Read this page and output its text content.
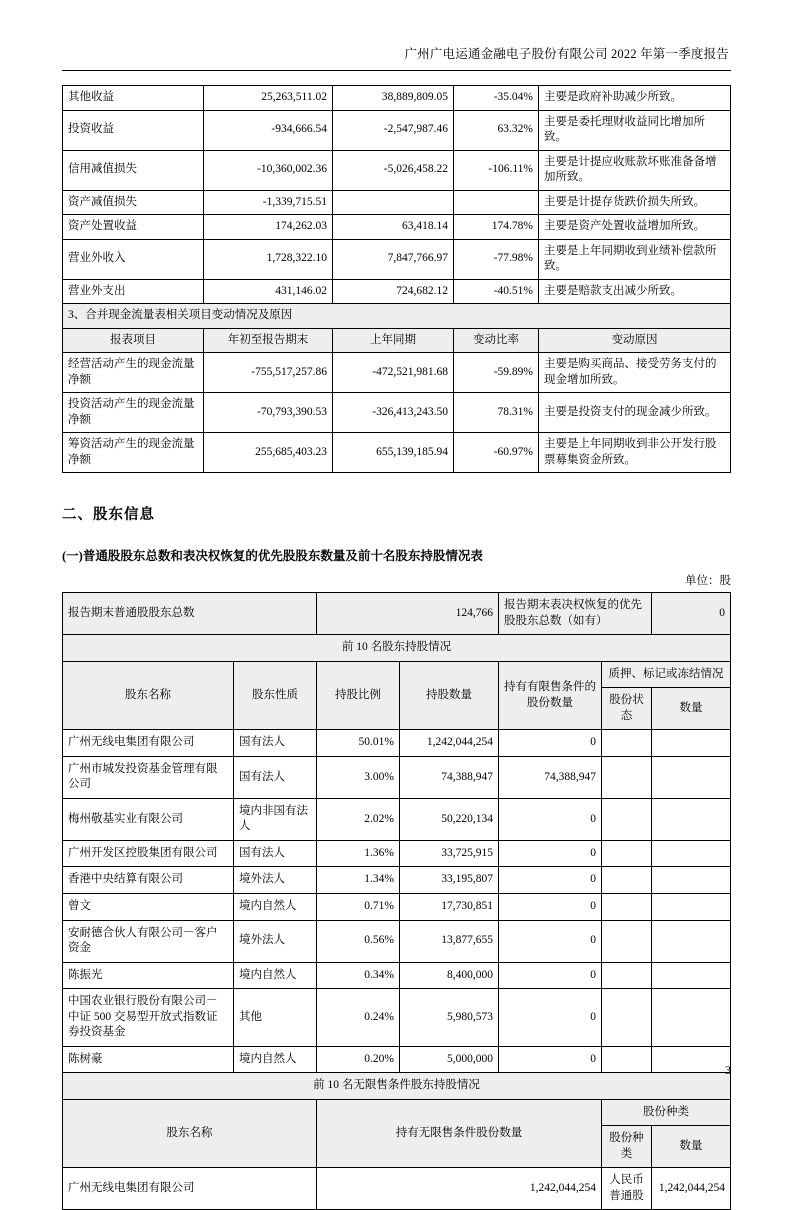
广州广电运通金融电子股份有限公司 2022 年第一季度报告
其他收益	25,263,511.02	38,889,809.05	-35.04%	主要是政府补助减少所致。
投资收益	-934,666.54	-2,547,987.46	63.32%	主要是委托理财收益同比增加所致。
信用减值损失	-10,360,002.36	-5,026,458.22	-106.11%	主要是计提应收账款坏账准备备增加所致。
资产减值损失	-1,339,715.51			主要是计提存货跌价损失所致。
资产处置收益	174,262.03	63,418.14	174.78%	主要是资产处置收益增加所致。
营业外收入	1,728,322.10	7,847,766.97	-77.98%	主要是上年同期收到业绩补偿款所致。
营业外支出	431,146.02	724,682.12	-40.51%	主要是赔款支出减少所致。
3、合并现金流量表相关项目变动情况及原因				
报表项目	年初至报告期末	上年同期	变动比率	变动原因
经营活动产生的现金流量净额	-755,517,257.86	-472,521,981.68	-59.89%	主要是购买商品、接受劳务支付的现金增加所致。
投资活动产生的现金流量净额	-70,793,390.53	-326,413,243.50	78.31%	主要是投资支付的现金减少所致。
筹资活动产生的现金流量净额	255,685,403.23	655,139,185.94	-60.97%	主要是上年同期收到非公开发行股票募集资金所致。
二、股东信息
(一)普通股股东总数和表决权恢复的优先股股东数量及前十名股东持股情况表
单位：股
报告期末普通股股东总数		124,766		报告期末表决权恢复的优先股股东总数（如有）		0
前 10 名股东持股情况						
股东名称	股东性质	持股比例	持股数量	持有有限售条件的股份数量	质押、标记或冻结情况	
					股份状态	数量
广州无线电集团有限公司	国有法人	50.01%	1,242,044,254	0		
广州市城发投资基金管理有限公司	国有法人	3.00%	74,388,947	74,388,947		
梅州敬基实业有限公司	境内非国有法人	2.02%	50,220,134	0		
广州开发区控股集团有限公司	国有法人	1.36%	33,725,915	0		
香港中央结算有限公司	境外法人	1.34%	33,195,807	0		
曾文	境内自然人	0.71%	17,730,851	0		
安耐德合伙人有限公司－客户资金	境外法人	0.56%	13,877,655	0		
陈振光	境内自然人	0.34%	8,400,000	0		
中国农业银行股份有限公司－中证 500 交易型开放式指数证券投资基金	其他	0.24%	5,980,573	0		
陈树豪	境内自然人	0.20%	5,000,000	0		
前 10 名无限售条件股东持股情况						
股东名称		持有无限售条件股份数量			股份种类	
					股份种类	数量
广州无线电集团有限公司		1,242,044,254			人民币普通股	1,242,044,254
3
